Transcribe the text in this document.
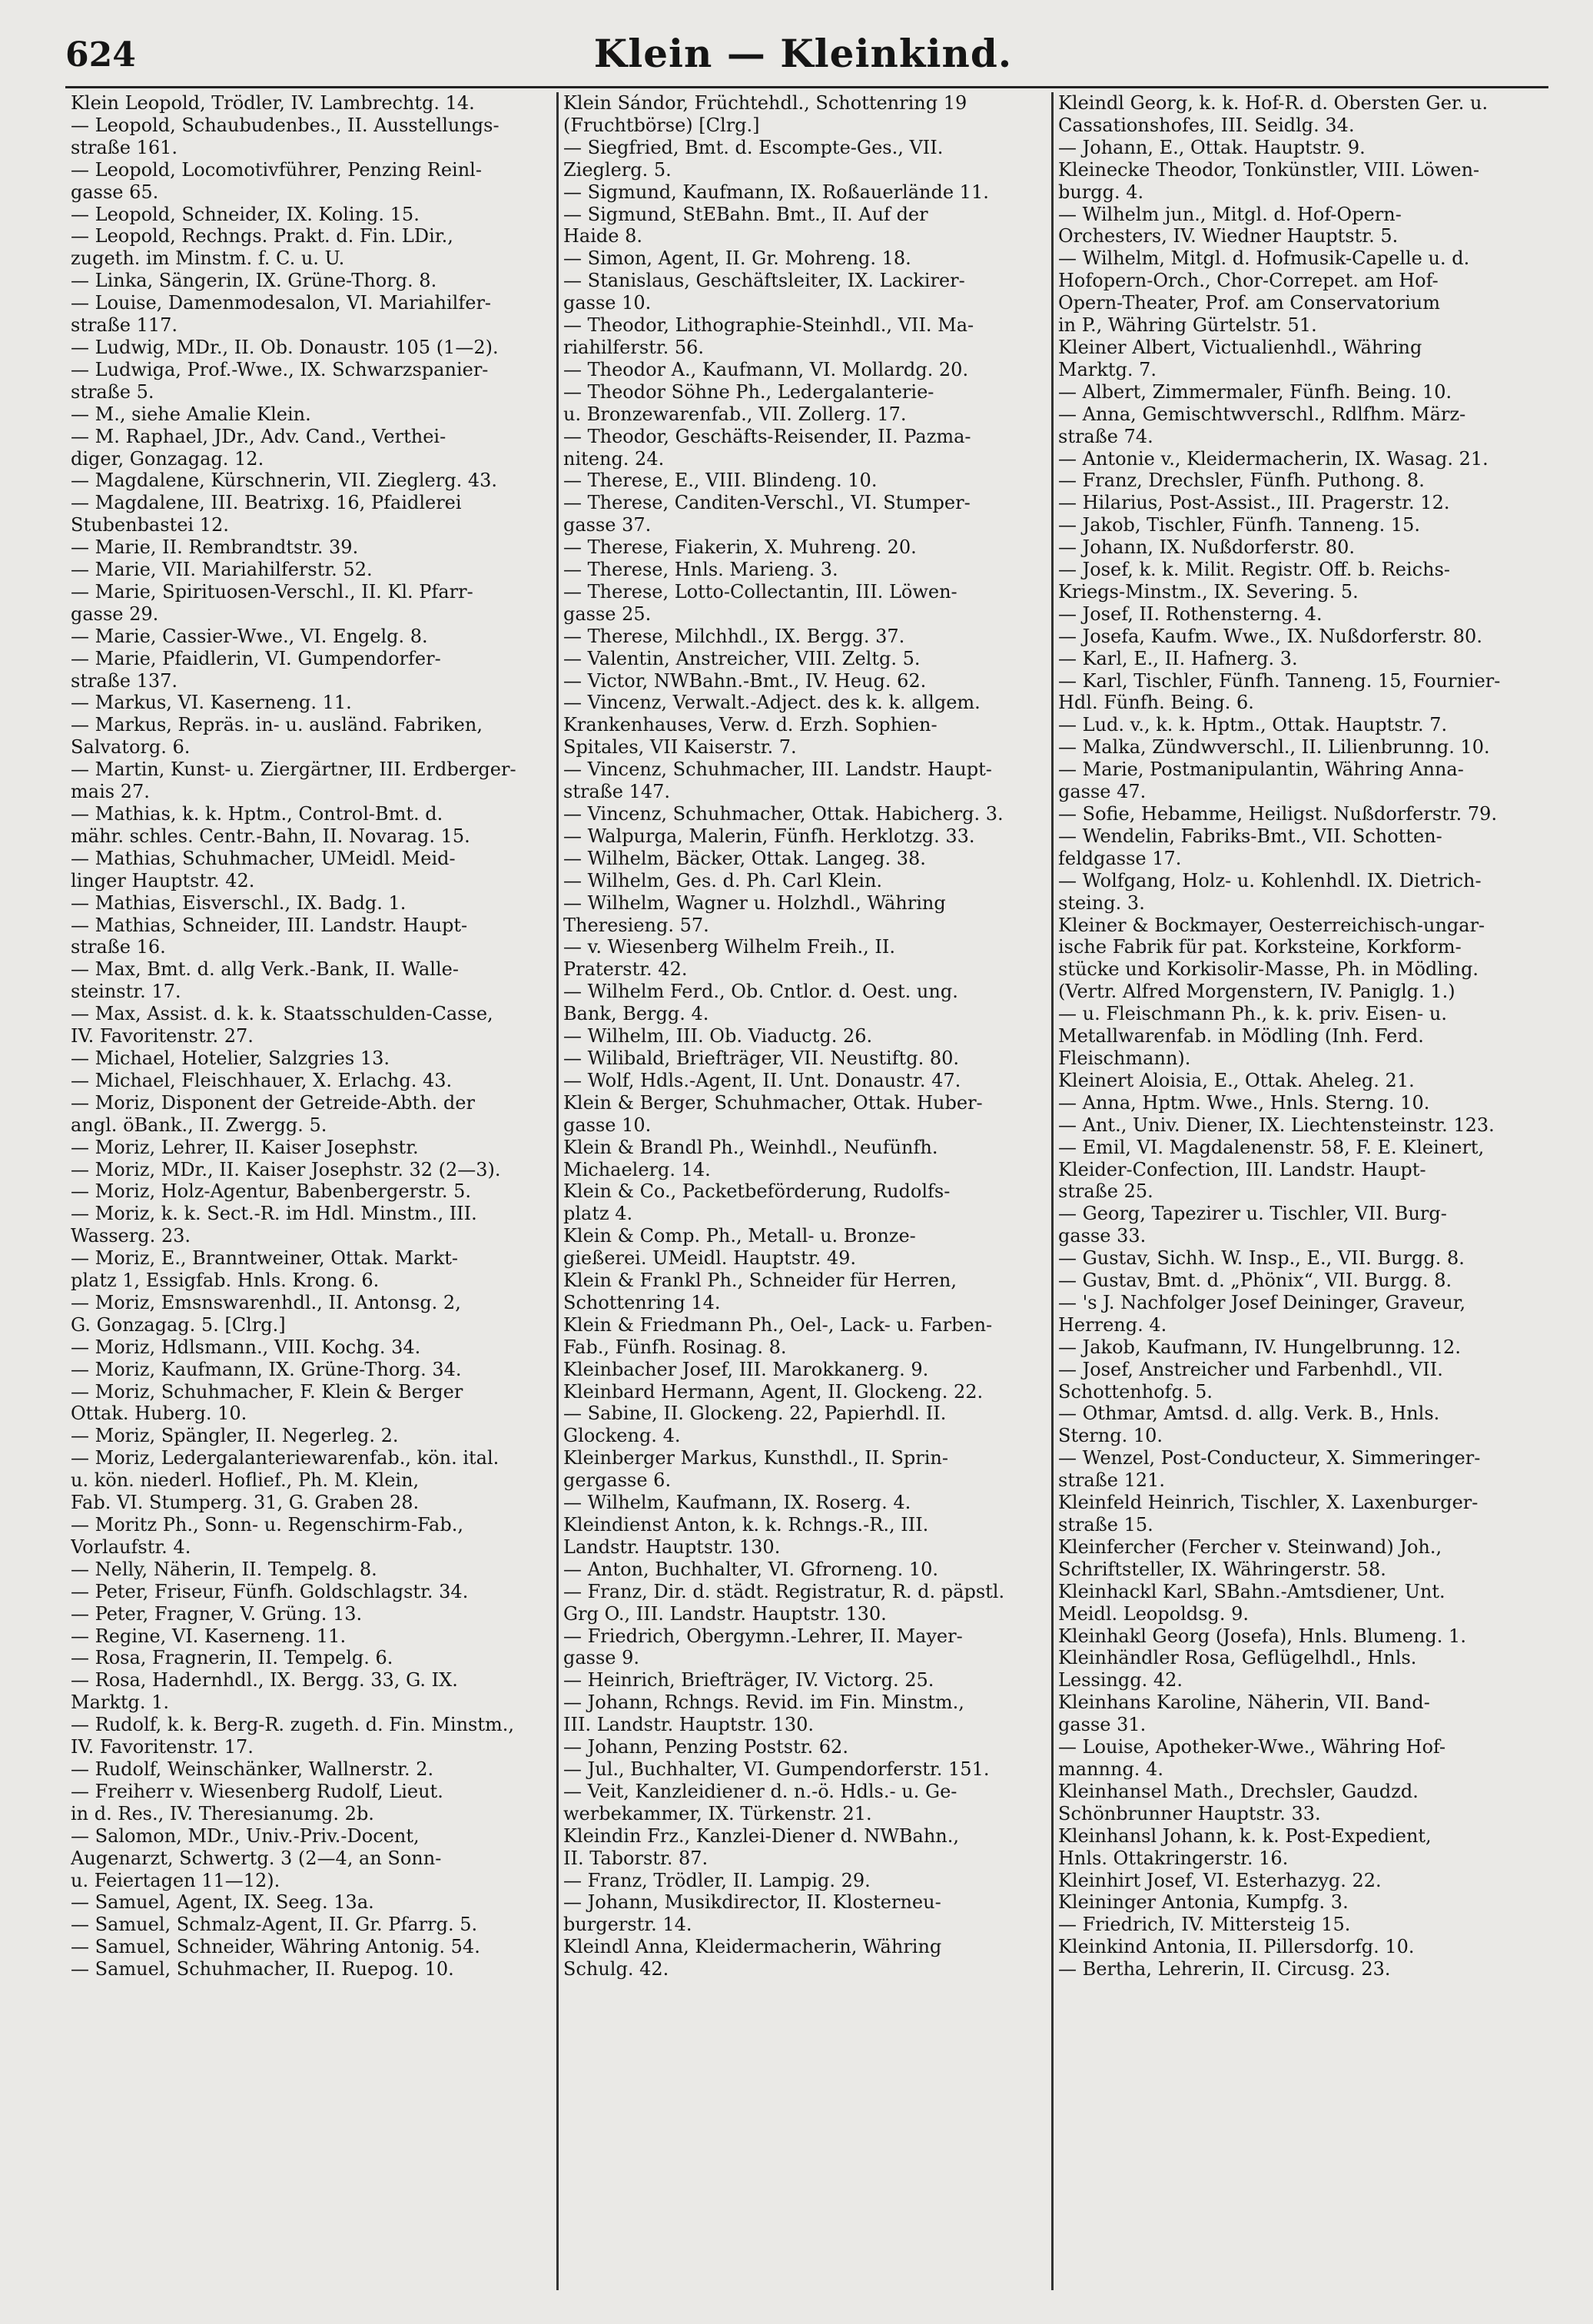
624	Klein — Kleinkind.
Klein Leopold, Trödler, IV. Lambrechtg. 14.
— Leopold, Schaubudenbes., II. Ausstellungs-
straße 161.
— Leopold, Locomotivführer, Penzing Reinl-
gasse 65.
— Leopold, Schneider, IX. Koling. 15.
— Leopold, Rechngs. Prakt. d. Fin. LDir.,
zugeth. im Minstm. f. C. u. U.
— Linka, Sängerin, IX. Grüne-Thorg. 8.
— Louise, Damenmodesalon, VI. Mariahilfer-
straße 117.
— Ludwig, MDr., II. Ob. Donaustr. 105 (1—2).
— Ludwiga, Prof.-Wwe., IX. Schwarzspanier-
straße 5.
— M., siehe Amalie Klein.
— M. Raphael, JDr., Adv. Cand., Verthei-
diger, Gonzagag. 12.
— Magdalene, Kürschnerin, VII. Zieglerg. 43.
— Magdalene, III. Beatrixg. 16, Pfaidlerei
Stubenbastei 12.
— Marie, II. Rembrandtstr. 39.
— Marie, VII. Mariahilferstr. 52.
— Marie, Spirituosen-Verschl., II. Kl. Pfarr-
gasse 29.
— Marie, Cassier-Wwe., VI. Engelg. 8.
— Marie, Pfaidlerin, VI. Gumpendorfer-
straße 137.
— Markus, VI. Kaserneng. 11.
— Markus, Repräs. in- u. ausländ. Fabriken,
Salvatorg. 6.
— Martin, Kunst- u. Ziergärtner, III. Erdberger-
mais 27.
— Mathias, k. k. Hptm., Control-Bmt. d.
mähr. schles. Centr.-Bahn, II. Novarag. 15.
— Mathias, Schuhmacher, UMeidl. Meid-
linger Hauptstr. 42.
— Mathias, Eisverschl., IX. Badg. 1.
— Mathias, Schneider, III. Landstr. Haupt-
straße 16.
— Max, Bmt. d. allg Verk.-Bank, II. Walle-
steinstr. 17.
— Max, Assist. d. k. k. Staatsschulden-Casse,
IV. Favoritenstr. 27.
— Michael, Hotelier, Salzgries 13.
— Michael, Fleischhauer, X. Erlachg. 43.
— Moriz, Disponent der Getreide-Abth. der
angl. öBank., II. Zwergg. 5.
— Moriz, Lehrer, II. Kaiser Josephstr.
— Moriz, MDr., II. Kaiser Josephstr. 32 (2—3).
— Moriz, Holz-Agentur, Babenbergerstr. 5.
— Moriz, k. k. Sect.-R. im Hdl. Minstm., III.
Wasserg. 23.
— Moriz, E., Branntweiner, Ottak. Markt-
platz 1, Essigfab. Hnls. Krong. 6.
— Moriz, Emsnswarenhdl., II. Antonsg. 2,
G. Gonzagag. 5. [Clrg.]
— Moriz, Hdlsmann., VIII. Kochg. 34.
— Moriz, Kaufmann, IX. Grüne-Thorg. 34.
— Moriz, Schuhmacher, F. Klein & Berger
Ottak. Huberg. 10.
— Moriz, Spängler, II. Negerleg. 2.
— Moriz, Ledergalanteriewarenfab., kön. ital.
u. kön. niederl. Hoflief., Ph. M. Klein,
Fab. VI. Stumperg. 31, G. Graben 28.
— Moritz Ph., Sonn- u. Regenschirm-Fab.,
Vorlaufstr. 4.
— Nelly, Näherin, II. Tempelg. 8.
— Peter, Friseur, Fünfh. Goldschlagstr. 34.
— Peter, Fragner, V. Grüng. 13.
— Regine, VI. Kaserneng. 11.
— Rosa, Fragnerin, II. Tempelg. 6.
— Rosa, Hadernhdl., IX. Bergg. 33, G. IX.
Marktg. 1.
— Rudolf, k. k. Berg-R. zugeth. d. Fin. Minstm.,
IV. Favoritenstr. 17.
— Rudolf, Weinschänker, Wallnerstr. 2.
— Freiherr v. Wiesenberg Rudolf, Lieut.
in d. Res., IV. Theresianumg. 2b.
— Salomon, MDr., Univ.-Priv.-Docent,
Augenarzt, Schwertg. 3 (2—4, an Sonn-
u. Feiertagen 11—12).
— Samuel, Agent, IX. Seeg. 13a.
— Samuel, Schmalz-Agent, II. Gr. Pfarrg. 5.
— Samuel, Schneider, Währing Antonig. 54.
— Samuel, Schuhmacher, II. Ruepog. 10.
Klein Sándor, Früchtehdl., Schottenring 19
(Fruchtbörse) [Clrg.]
— Siegfried, Bmt. d. Escompte-Ges., VII.
Zieglerg. 5.
— Sigmund, Kaufmann, IX. Roßauerlände 11.
— Sigmund, StEBahn. Bmt., II. Auf der
Haide 8.
— Simon, Agent, II. Gr. Mohreng. 18.
— Stanislaus, Geschäftsleiter, IX. Lackirer-
gasse 10.
— Theodor, Lithographie-Steinhdl., VII. Ma-
riahilferstr. 56.
— Theodor A., Kaufmann, VI. Mollardg. 20.
— Theodor Söhne Ph., Ledergalanterie-
u. Bronzewarenfab., VII. Zollerg. 17.
— Theodor, Geschäfts-Reisender, II. Pazma-
niteng. 24.
— Therese, E., VIII. Blindeng. 10.
— Therese, Canditen-Verschl., VI. Stumper-
gasse 37.
— Therese, Fiakerin, X. Muhreng. 20.
— Therese, Hnls. Marieng. 3.
— Therese, Lotto-Collectantin, III. Löwen-
gasse 25.
— Therese, Milchhdl., IX. Bergg. 37.
— Valentin, Anstreicher, VIII. Zeltg. 5.
— Victor, NWBahn.-Bmt., IV. Heug. 62.
— Vincenz, Verwalt.-Adject. des k. k. allgem.
Krankenhauses, Verw. d. Erzh. Sophien-
Spitales, VII Kaiserstr. 7.
— Vincenz, Schuhmacher, III. Landstr. Haupt-
straße 147.
— Vincenz, Schuhmacher, Ottak. Habicherg. 3.
— Walpurga, Malerin, Fünfh. Herklotzg. 33.
— Wilhelm, Bäcker, Ottak. Langeg. 38.
— Wilhelm, Ges. d. Ph. Carl Klein.
— Wilhelm, Wagner u. Holzhdl., Währing
Theresieng. 57.
— v. Wiesenberg Wilhelm Freih., II.
Praterstr. 42.
— Wilhelm Ferd., Ob. Cntlor. d. Oest. ung.
Bank, Bergg. 4.
— Wilhelm, III. Ob. Viaductg. 26.
— Wilibald, Briefträger, VII. Neustiftg. 80.
— Wolf, Hdls.-Agent, II. Unt. Donaustr. 47.
Klein & Berger, Schuhmacher, Ottak. Huber-
gasse 10.
Klein & Brandl Ph., Weinhdl., Neufünfh.
Michaelerg. 14.
Klein & Co., Packetbeförderung, Rudolfs-
platz 4.
Klein & Comp. Ph., Metall- u. Bronze-
gießerei. UMeidl. Hauptstr. 49.
Klein & Frankl Ph., Schneider für Herren,
Schottenring 14.
Klein & Friedmann Ph., Oel-, Lack- u. Farben-
Fab., Fünfh. Rosinag. 8.
Kleinbacher Josef, III. Marokkanerg. 9.
Kleinbard Hermann, Agent, II. Glockeng. 22.
— Sabine, II. Glockeng. 22, Papierhdl. II.
Glockeng. 4.
Kleinberger Markus, Kunsthdl., II. Sprin-
gergasse 6.
— Wilhelm, Kaufmann, IX. Roserg. 4.
Kleindienst Anton, k. k. Rchngs.-R., III.
Landstr. Hauptstr. 130.
— Anton, Buchhalter, VI. Gfrorneng. 10.
— Franz, Dir. d. städt. Registratur, R. d. päpstl.
Grg O., III. Landstr. Hauptstr. 130.
— Friedrich, Obergymn.-Lehrer, II. Mayer-
gasse 9.
— Heinrich, Briefträger, IV. Victorg. 25.
— Johann, Rchngs. Revid. im Fin. Minstm.,
III. Landstr. Hauptstr. 130.
— Johann, Penzing Poststr. 62.
— Jul., Buchhalter, VI. Gumpendorferstr. 151.
— Veit, Kanzleidiener d. n.-ö. Hdls.- u. Ge-
werbekammer, IX. Türkenstr. 21.
Kleindin Frz., Kanzlei-Diener d. NWBahn.,
II. Taborstr. 87.
— Franz, Trödler, II. Lampig. 29.
— Johann, Musikdirector, II. Klosterneu-
burgerstr. 14.
Kleindl Anna, Kleidermacherin, Währing
Schulg. 42.
Kleindl Georg, k. k. Hof-R. d. Obersten Ger. u.
Cassationshofes, III. Seidlg. 34.
— Johann, E., Ottak. Hauptstr. 9.
Kleinecke Theodor, Tonkünstler, VIII. Löwen-
burgg. 4.
— Wilhelm jun., Mitgl. d. Hof-Opern-
Orchesters, IV. Wiedner Hauptstr. 5.
— Wilhelm, Mitgl. d. Hofmusik-Capelle u. d.
Hofopern-Orch., Chor-Correpet. am Hof-
Opern-Theater, Prof. am Conservatorium
in P., Währing Gürtelstr. 51.
Kleiner Albert, Victualienhdl., Währing
Marktg. 7.
— Albert, Zimmermaler, Fünfh. Being. 10.
— Anna, Gemischtwverschl., Rdlfhm. März-
straße 74.
— Antonie v., Kleidermacherin, IX. Wasag. 21.
— Franz, Drechsler, Fünfh. Puthong. 8.
— Hilarius, Post-Assist., III. Pragerstr. 12.
— Jakob, Tischler, Fünfh. Tanneng. 15.
— Johann, IX. Nußdorferstr. 80.
— Josef, k. k. Milit. Registr. Off. b. Reichs-
Kriegs-Minstm., IX. Severing. 5.
— Josef, II. Rothensterng. 4.
— Josefa, Kaufm. Wwe., IX. Nußdorferstr. 80.
— Karl, E., II. Hafnerg. 3.
— Karl, Tischler, Fünfh. Tanneng. 15, Fournier-
Hdl. Fünfh. Being. 6.
— Lud. v., k. k. Hptm., Ottak. Hauptstr. 7.
— Malka, Zündwverschl., II. Lilienbrunng. 10.
— Marie, Postmanipulantin, Währing Anna-
gasse 47.
— Sofie, Hebamme, Heiligst. Nußdorferstr. 79.
— Wendelin, Fabriks-Bmt., VII. Schotten-
feldgasse 17.
— Wolfgang, Holz- u. Kohlenhdl. IX. Dietrich-
steing. 3.
Kleiner & Bockmayer, Oesterreichisch-ungar-
ische Fabrik für pat. Korksteine, Korkform-
stücke und Korkisolir-Masse, Ph. in Mödling.
(Vertr. Alfred Morgenstern, IV. Paniglg. 1.)
— u. Fleischmann Ph., k. k. priv. Eisen- u.
Metallwarenfab. in Mödling (Inh. Ferd.
Fleischmann).
Kleinert Aloisia, E., Ottak. Aheleg. 21.
— Anna, Hptm. Wwe., Hnls. Sterng. 10.
— Ant., Univ. Diener, IX. Liechtensteinstr. 123.
— Emil, VI. Magdalenenstr. 58, F. E. Kleinert,
Kleider-Confection, III. Landstr. Haupt-
straße 25.
— Georg, Tapezirer u. Tischler, VII. Burg-
gasse 33.
— Gustav, Sichh. W. Insp., E., VII. Burgg. 8.
— Gustav, Bmt. d. „Phönix“, VII. Burgg. 8.
— 's J. Nachfolger Josef Deininger, Graveur,
Herreng. 4.
— Jakob, Kaufmann, IV. Hungelbrunng. 12.
— Josef, Anstreicher und Farbenhdl., VII.
Schottenhofg. 5.
— Othmar, Amtsd. d. allg. Verk. B., Hnls.
Sterng. 10.
— Wenzel, Post-Conducteur, X. Simmeringer-
straße 121.
Kleinfeld Heinrich, Tischler, X. Laxenburger-
straße 15.
Kleinfercher (Fercher v. Steinwand) Joh.,
Schriftsteller, IX. Währingerstr. 58.
Kleinhackl Karl, SBahn.-Amtsdiener, Unt.
Meidl. Leopoldsg. 9.
Kleinhakl Georg (Josefa), Hnls. Blumeng. 1.
Kleinhändler Rosa, Geflügelhdl., Hnls.
Lessingg. 42.
Kleinhans Karoline, Näherin, VII. Band-
gasse 31.
— Louise, Apotheker-Wwe., Währing Hof-
mannng. 4.
Kleinhansel Math., Drechsler, Gaudzd.
Schönbrunner Hauptstr. 33.
Kleinhansl Johann, k. k. Post-Expedient,
Hnls. Ottakringerstr. 16.
Kleinhirt Josef, VI. Esterhazyg. 22.
Kleininger Antonia, Kumpfg. 3.
— Friedrich, IV. Mittersteig 15.
Kleinkind Antonia, II. Pillersdorfg. 10.
— Bertha, Lehrerin, II. Circusg. 23.
